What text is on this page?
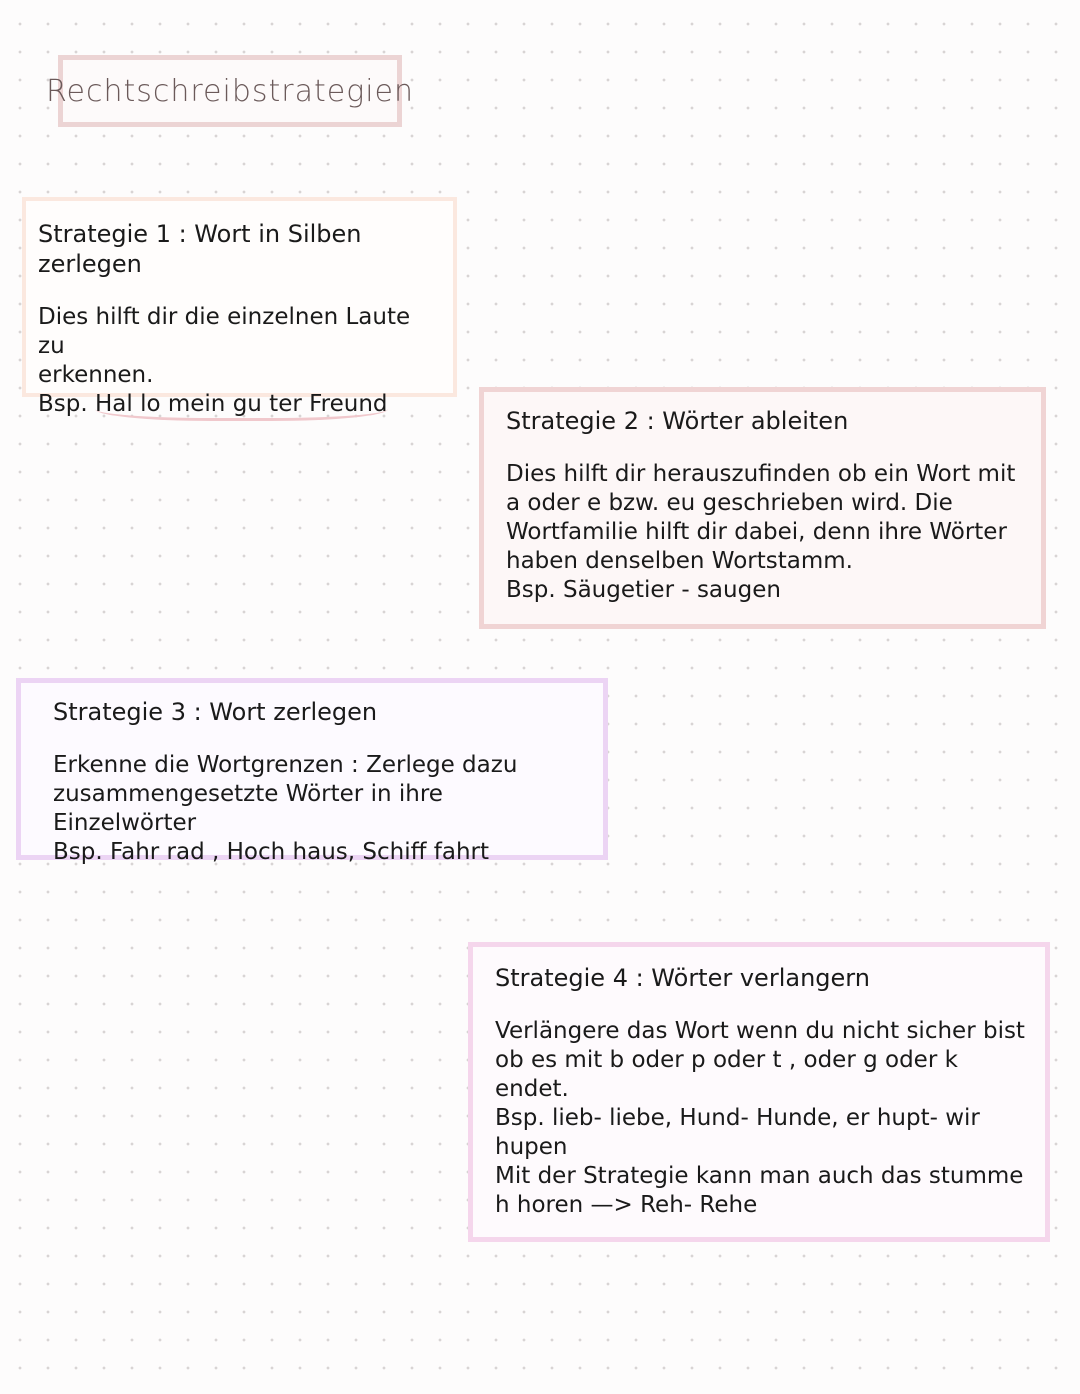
Rechtschreibstrategien
Strategie 1 : Wort in Silben zerlegen

Dies hilft dir die einzelnen Laute zu
erkennen.

Bsp. Hal lo mein gu ter Freund

Strategie 2 : Wörter ableiten

Dies hilft dir herauszufinden ob ein Wort mit
a oder e bzw. eu geschrieben wird. Die
Wortfamilie hilft dir dabei, denn ihre Wörter
haben denselben Wortstamm.
Bsp. Säugetier - saugen

Strategie 3 : Wort zerlegen

Erkenne die Wortgrenzen : Zerlege dazu
zusammengesetzte Wörter in ihre Einzelwörter
Bsp. Fahr rad , Hoch haus, Schiff fahrt

Strategie 4 : Wörter verlangern

Verlängere das Wort wenn du nicht sicher bist
ob es mit b oder p oder t , oder g oder k
endet.
Bsp. lieb- liebe, Hund- Hunde, er hupt- wir
hupen
Mit der Strategie kann man auch das stumme
h horen —> Reh- Rehe
